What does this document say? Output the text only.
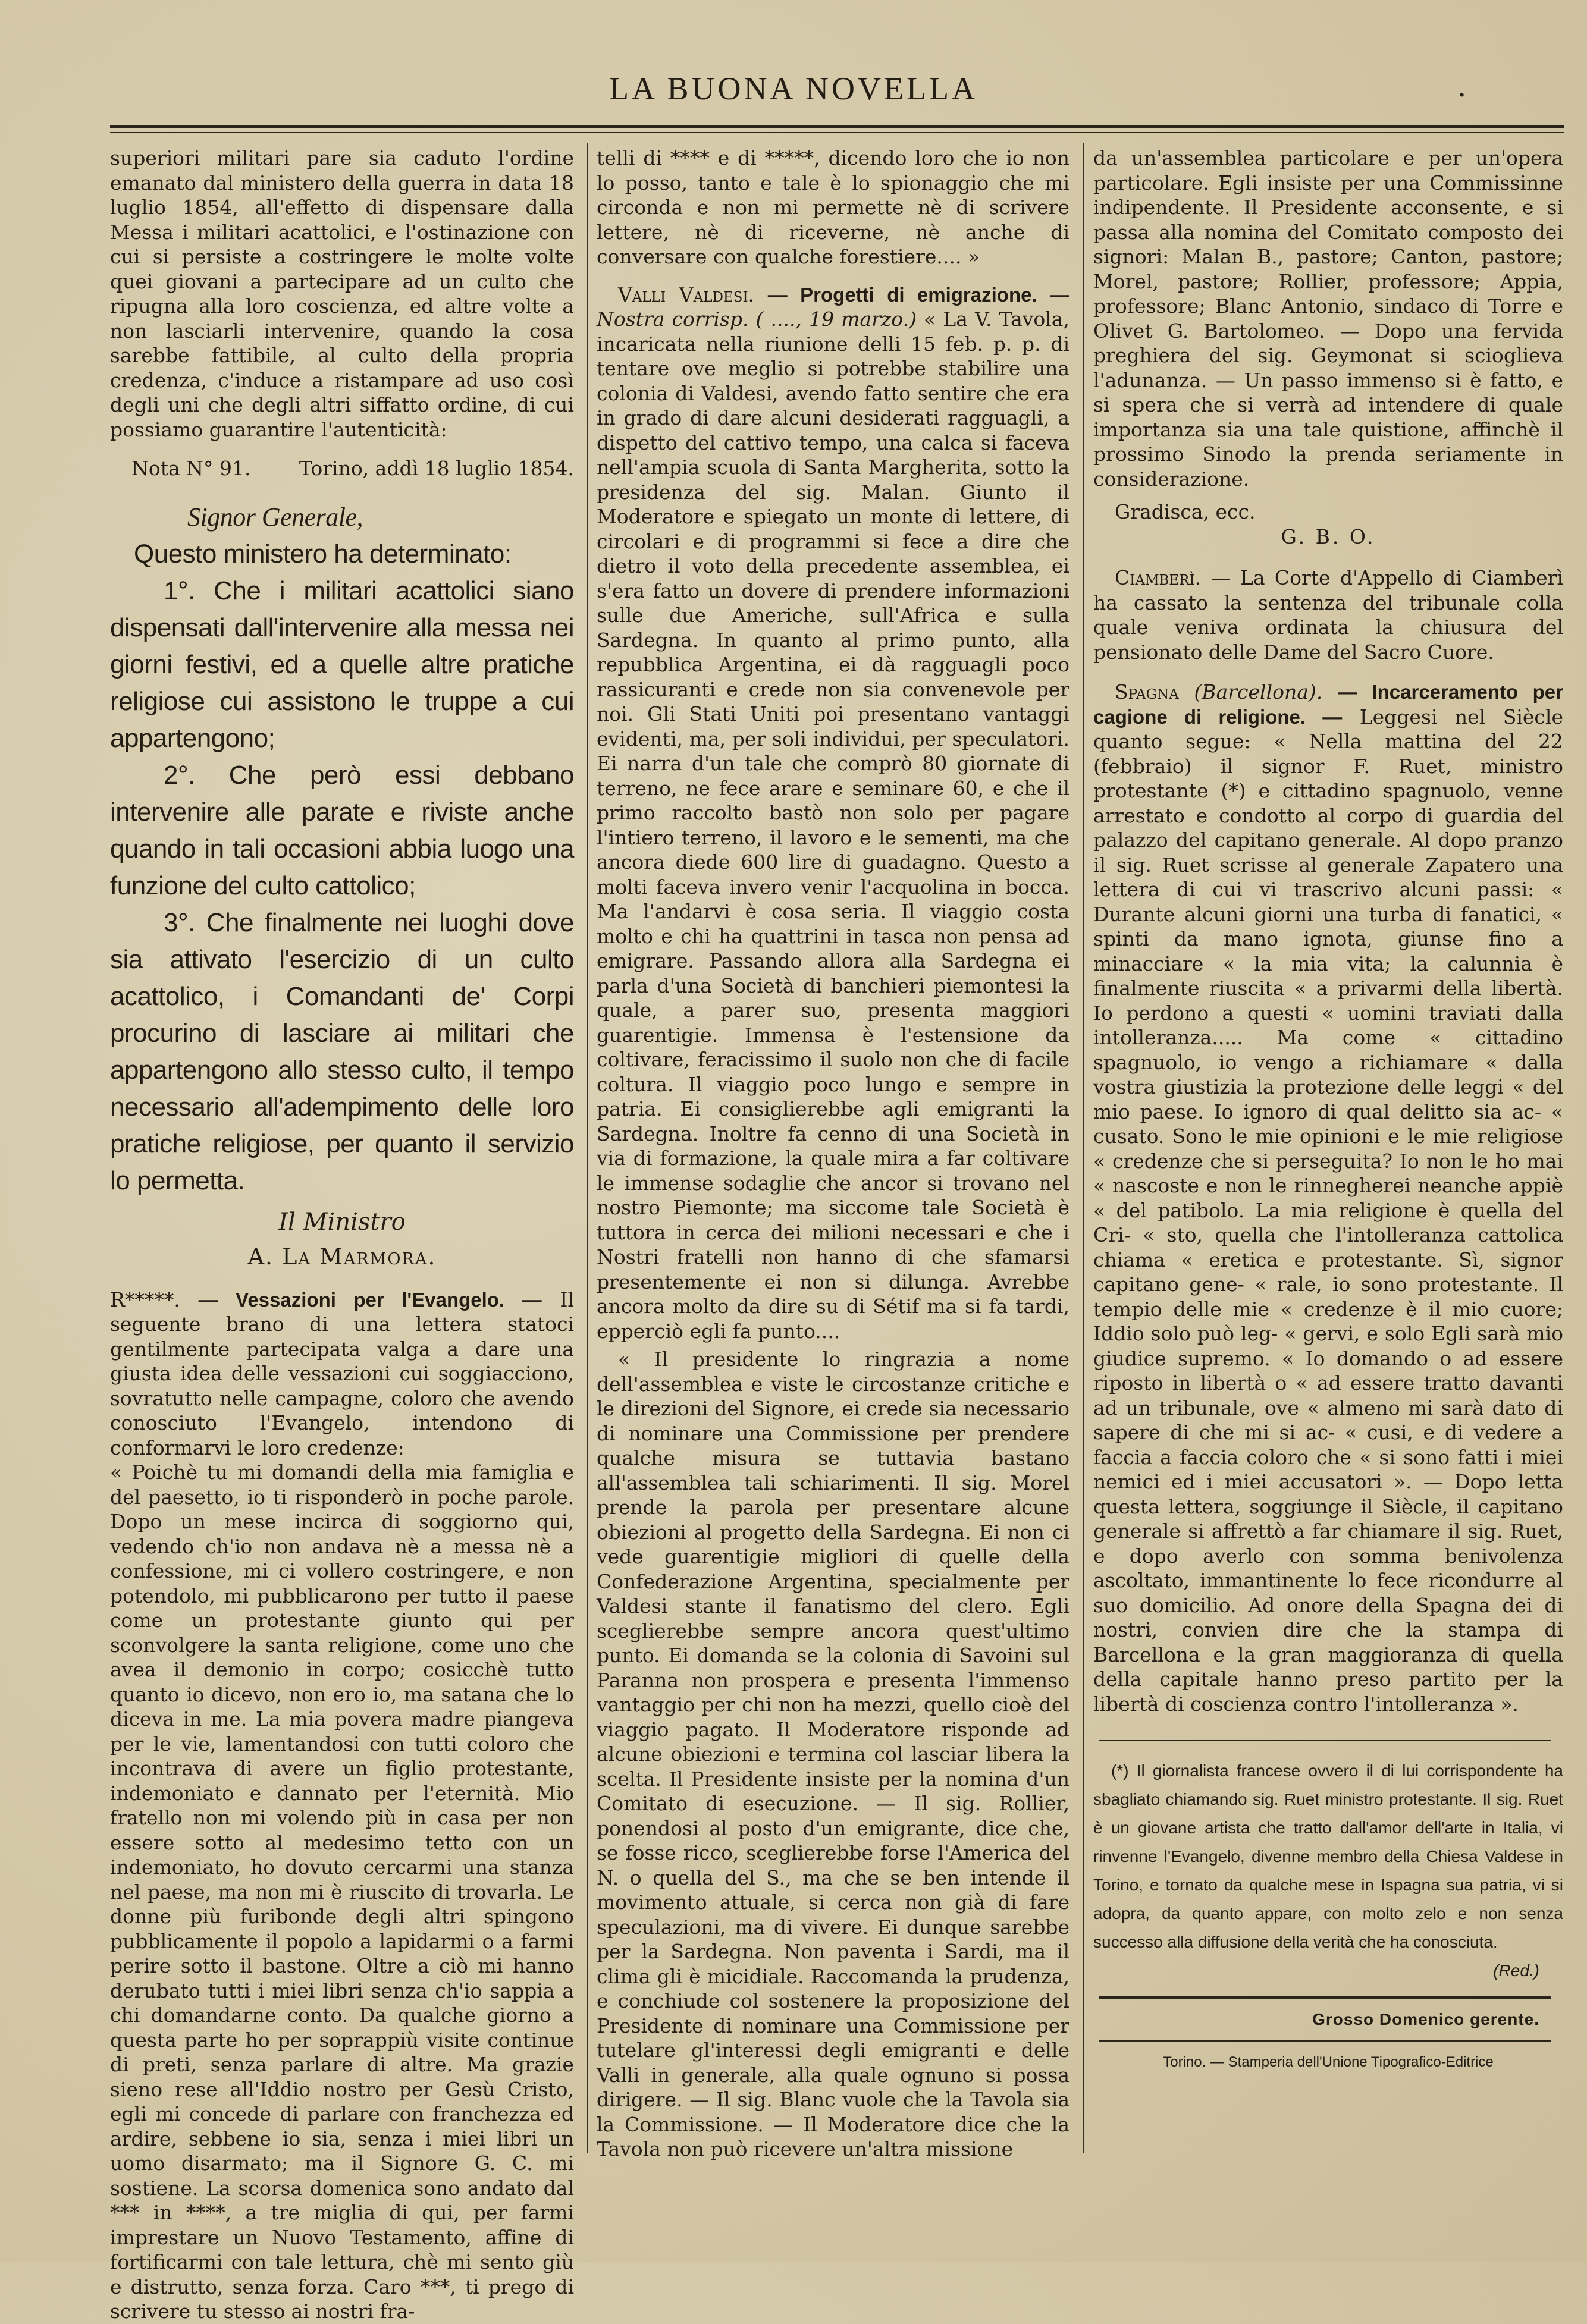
LA BUONA NOVELLA	.

superiori militari pare sia caduto l'ordine emanato dal ministero della guerra in data 18 luglio 1854, all'effetto di dispensare dalla Messa i militari acattolici, e l'ostinazione con cui si persiste a costringere le molte volte quei giovani a partecipare ad un culto che ripugna alla loro coscienza, ed altre volte a non lasciarli intervenire, quando la cosa sarebbe fattibile, al culto della propria credenza, c'induce a ristampare ad uso così degli uni che degli altri siffatto ordine, di cui possiamo guarantire l'autenticità:

Nota N° 91. Torino, addì 18 luglio 1854.

Signor Generale,

Questo ministero ha determinato:

1°. Che i militari acattolici siano dispensati dall'intervenire alla messa nei giorni festivi, ed a quelle altre pratiche religiose cui assistono le truppe a cui appartengono;

2°. Che però essi debbano intervenire alle parate e riviste anche quando in tali occasioni abbia luogo una funzione del culto cattolico;

3°. Che finalmente nei luoghi dove sia attivato l'esercizio di un culto acattolico, i Comandanti de' Corpi procurino di lasciare ai militari che appartengono allo stesso culto, il tempo necessario all'adempimento delle loro pratiche religiose, per quanto il servizio lo permetta.

Il Ministro

A. La Marmora.

R*****. — Vessazioni per l'Evangelo. — Il seguente brano di una lettera statoci gentilmente partecipata valga a dare una giusta idea delle vessazioni cui soggiacciono, sovratutto nelle campagne, coloro che avendo conosciuto l'Evangelo, intendono di conformarvi le loro credenze:

« Poichè tu mi domandi della mia famiglia e del paesetto, io ti risponderò in poche parole. Dopo un mese incirca di soggiorno qui, vedendo ch'io non andava nè a messa nè a confessione, mi ci vollero costringere, e non potendolo, mi pubblicarono per tutto il paese come un protestante giunto qui per sconvolgere la santa religione, come uno che avea il demonio in corpo; cosicchè tutto quanto io dicevo, non ero io, ma satana che lo diceva in me. La mia povera madre piangeva per le vie, lamentandosi con tutti coloro che incontrava di avere un figlio protestante, indemoniato e dannato per l'eternità. Mio fratello non mi volendo più in casa per non essere sotto al medesimo tetto con un indemoniato, ho dovuto cercarmi una stanza nel paese, ma non mi è riuscito di trovarla. Le donne più furibonde degli altri spingono pubblicamente il popolo a lapidarmi o a farmi perire sotto il bastone. Oltre a ciò mi hanno derubato tutti i miei libri senza ch'io sappia a chi domandarne conto. Da qualche giorno a questa parte ho per soprappiù visite continue di preti, senza parlare di altre. Ma grazie sieno rese all'Iddio nostro per Gesù Cristo, egli mi concede di parlare con franchezza ed ardire, sebbene io sia, senza i miei libri un uomo disarmato; ma il Signore G. C. mi sostiene. La scorsa domenica sono andato dal *** in ****, a tre miglia di qui, per farmi imprestare un Nuovo Testamento, affine di fortificarmi con tale lettura, chè mi sento giù e distrutto, senza forza. Caro ***, ti prego di scrivere tu stesso ai nostri fra-

telli di **** e di *****, dicendo loro che io non lo posso, tanto e tale è lo spionaggio che mi circonda e non mi permette nè di scrivere lettere, nè di riceverne, nè anche di conversare con qualche forestiere.... »

Valli Valdesi. — Progetti di emigrazione. — Nostra corrisp. ( ...., 19 marzo.) « La V. Tavola, incaricata nella riunione delli 15 feb. p. p. di tentare ove meglio si potrebbe stabilire una colonia di Valdesi, avendo fatto sentire che era in grado di dare alcuni desiderati ragguagli, a dispetto del cattivo tempo, una calca si faceva nell'ampia scuola di Santa Margherita, sotto la presidenza del sig. Malan. Giunto il Moderatore e spiegato un monte di lettere, di circolari e di programmi si fece a dire che dietro il voto della precedente assemblea, ei s'era fatto un dovere di prendere informazioni sulle due Americhe, sull'Africa e sulla Sardegna. In quanto al primo punto, alla repubblica Argentina, ei dà ragguagli poco rassicuranti e crede non sia convenevole per noi. Gli Stati Uniti poi presentano vantaggi evidenti, ma, per soli individui, per speculatori. Ei narra d'un tale che comprò 80 giornate di terreno, ne fece arare e seminare 60, e che il primo raccolto bastò non solo per pagare l'intiero terreno, il lavoro e le sementi, ma che ancora diede 600 lire di guadagno. Questo a molti faceva invero venir l'acquolina in bocca. Ma l'andarvi è cosa seria. Il viaggio costa molto e chi ha quattrini in tasca non pensa ad emigrare. Passando allora alla Sardegna ei parla d'una Società di banchieri piemontesi la quale, a parer suo, presenta maggiori guarentigie. Immensa è l'estensione da coltivare, feracissimo il suolo non che di facile coltura. Il viaggio poco lungo e sempre in patria. Ei consiglierebbe agli emigranti la Sardegna. Inoltre fa cenno di una Società in via di formazione, la quale mira a far coltivare le immense sodaglie che ancor si trovano nel nostro Piemonte; ma siccome tale Società è tuttora in cerca dei milioni necessari e che i Nostri fratelli non hanno di che sfamarsi presentemente ei non si dilunga. Avrebbe ancora molto da dire su di Sétif ma si fa tardi, epperciò egli fa punto....

« Il presidente lo ringrazia a nome dell'assemblea e viste le circostanze critiche e le direzioni del Signore, ei crede sia necessario di nominare una Commissione per prendere qualche misura se tuttavia bastano all'assemblea tali schiarimenti. Il sig. Morel prende la parola per presentare alcune obiezioni al progetto della Sardegna. Ei non ci vede guarentigie migliori di quelle della Confederazione Argentina, specialmente per Valdesi stante il fanatismo del clero. Egli sceglierebbe sempre ancora quest'ultimo punto. Ei domanda se la colonia di Savoini sul Paranna non prospera e presenta l'immenso vantaggio per chi non ha mezzi, quello cioè del viaggio pagato. Il Moderatore risponde ad alcune obiezioni e termina col lasciar libera la scelta. Il Presidente insiste per la nomina d'un Comitato di esecuzione. — Il sig. Rollier, ponendosi al posto d'un emigrante, dice che, se fosse ricco, sceglierebbe forse l'America del N. o quella del S., ma che se ben intende il movimento attuale, si cerca non già di fare speculazioni, ma di vivere. Ei dunque sarebbe per la Sardegna. Non paventa i Sardi, ma il clima gli è micidiale. Raccomanda la prudenza, e conchiude col sostenere la proposizione del Presidente di nominare una Commissione per tutelare gl'interessi degli emigranti e delle Valli in generale, alla quale ognuno si possa dirigere. — Il sig. Blanc vuole che la Tavola sia la Commissione. — Il Moderatore dice che la Tavola non può ricevere un'altra missione

da un'assemblea particolare e per un'opera particolare. Egli insiste per una Commissinne indipendente. Il Presidente acconsente, e si passa alla nomina del Comitato composto dei signori: Malan B., pastore; Canton, pastore; Morel, pastore; Rollier, professore; Appia, professore; Blanc Antonio, sindaco di Torre e Olivet G. Bartolomeo. — Dopo una fervida preghiera del sig. Geymonat si scioglieva l'adunanza. — Un passo immenso si è fatto, e si spera che si verrà ad intendere di quale importanza sia una tale quistione, affinchè il prossimo Sinodo la prenda seriamente in considerazione.

Gradisca, ecc.

G. B. O.

Ciamberì. — La Corte d'Appello di Ciamberì ha cassato la sentenza del tribunale colla quale veniva ordinata la chiusura del pensionato delle Dame del Sacro Cuore.

Spagna (Barcellona). — Incarceramento per cagione di religione. — Leggesi nel Siècle quanto segue: « Nella mattina del 22 (febbraio) il signor F. Ruet, ministro protestante (*) e cittadino spagnuolo, venne arrestato e condotto al corpo di guardia del palazzo del capitano generale. Al dopo pranzo il sig. Ruet scrisse al generale Zapatero una lettera di cui vi trascrivo alcuni passi: « Durante alcuni giorni una turba di fanatici, « spinti da mano ignota, giunse fino a minacciare « la mia vita; la calunnia è finalmente riuscita « a privarmi della libertà. Io perdono a questi « uomini traviati dalla intolleranza..... Ma come « cittadino spagnuolo, io vengo a richiamare « dalla vostra giustizia la protezione delle leggi « del mio paese. Io ignoro di qual delitto sia ac- « cusato. Sono le mie opinioni e le mie religiose « credenze che si perseguita? Io non le ho mai « nascoste e non le rinnegherei neanche appiè « del patibolo. La mia religione è quella del Cri- « sto, quella che l'intolleranza cattolica chiama « eretica e protestante. Sì, signor capitano gene- « rale, io sono protestante. Il tempio delle mie « credenze è il mio cuore; Iddio solo può leg- « gervi, e solo Egli sarà mio giudice supremo. « Io domando o ad essere riposto in libertà o « ad essere tratto davanti ad un tribunale, ove « almeno mi sarà dato di sapere di che mi si ac- « cusi, e di vedere a faccia a faccia coloro che « si sono fatti i miei nemici ed i miei accusatori ». — Dopo letta questa lettera, soggiunge il Siècle, il capitano generale si affrettò a far chiamare il sig. Ruet, e dopo averlo con somma benivolenza ascoltato, immantinente lo fece ricondurre al suo domicilio. Ad onore della Spagna dei di nostri, convien dire che la stampa di Barcellona e la gran maggioranza di quella della capitale hanno preso partito per la libertà di coscienza contro l'intolleranza ».

(*) Il giornalista francese ovvero il di lui corrispondente ha sbagliato chiamando sig. Ruet ministro protestante. Il sig. Ruet è un giovane artista che tratto dall'amor dell'arte in Italia, vi rinvenne l'Evangelo, divenne membro della Chiesa Valdese in Torino, e tornato da qualche mese in Ispagna sua patria, vi si adopra, da quanto appare, con molto zelo e non senza successo alla diffusione della verità che ha conosciuta.

(Red.)

Grosso Domenico gerente.

Torino. — Stamperia dell'Unione Tipografico-Editrice
